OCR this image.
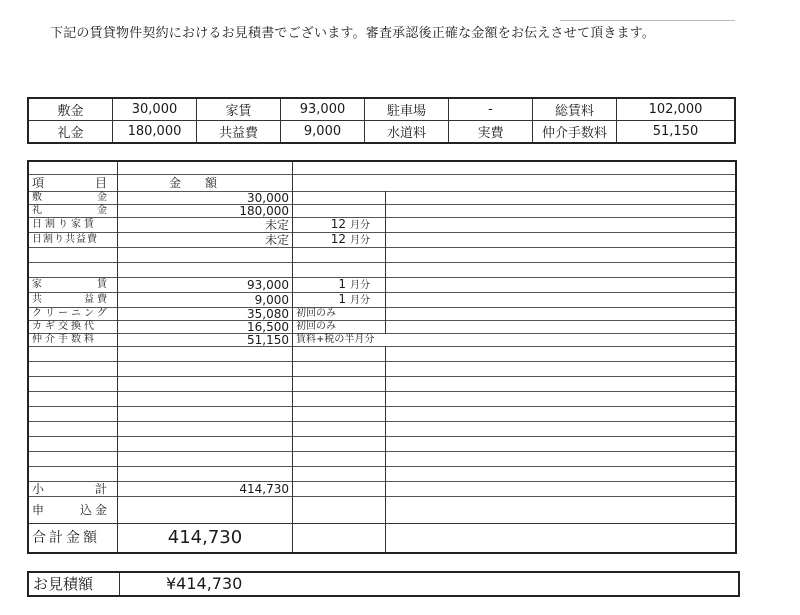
下記の賃貸物件契約におけるお見積書でございます。審査承認後正確な金額をお伝えさせて頂きます。
敷金	30,000	家賃	93,000	駐車場	-	総賃料	102,000
礼金	180,000	共益費	9,000	水道料	実費	仲介手数料	51,150

項 目	金額		

敷 金	30,000		

礼 金	180,000		
日割り家賃	未定	12 月分	
日割り共益費	未定	12 月分	

家 賃	93,000	1 月分	

共 益費	9,000	1 月分	
クリーニング	35,080	初回のみ	
カギ交換代	16,500	初回のみ	
仲介手数料	51,150	賃料+税の半月分	

小 計	414,730		

申 込金			

合計金額	414,730		
お見積額	¥414,730
